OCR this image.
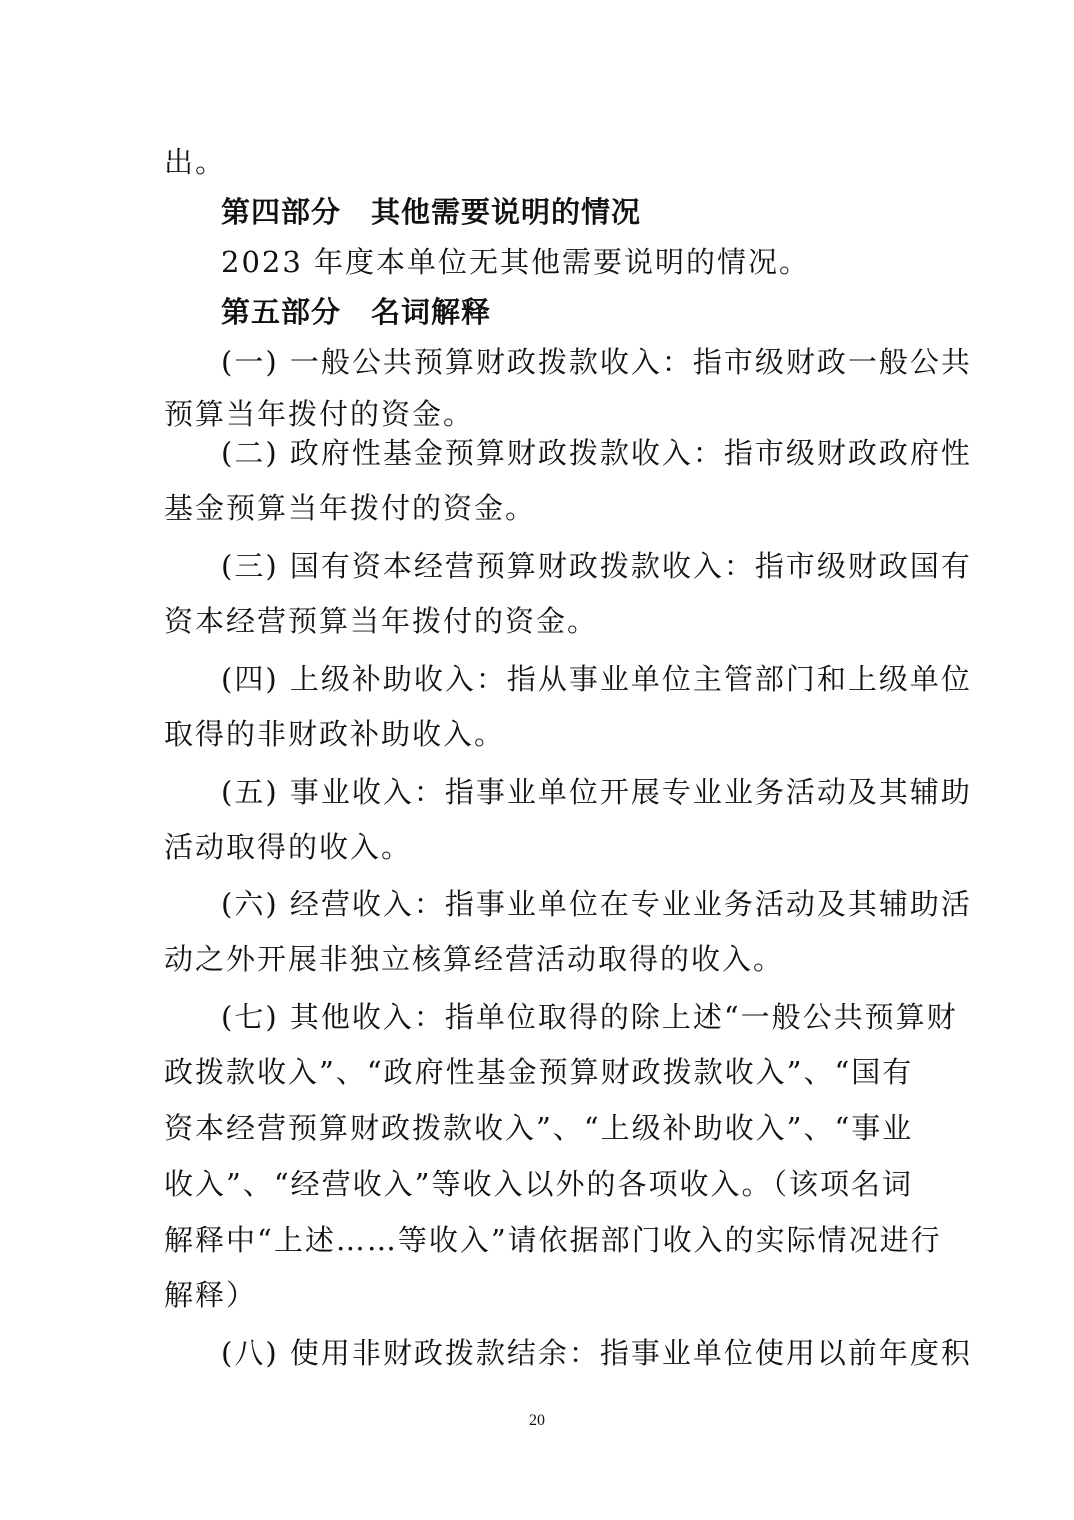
出。
第四部分　其他需要说明的情况
2023 年度本单位无其他需要说明的情况。
第五部分　名词解释
(一) 一般公共预算财政拨款收入：指市级财政一般公共
预算当年拨付的资金。
(二) 政府性基金预算财政拨款收入：指市级财政政府性
基金预算当年拨付的资金。
(三) 国有资本经营预算财政拨款收入：指市级财政国有
资本经营预算当年拨付的资金。
(四) 上级补助收入：指从事业单位主管部门和上级单位
取得的非财政补助收入。
(五) 事业收入：指事业单位开展专业业务活动及其辅助
活动取得的收入。
(六) 经营收入：指事业单位在专业业务活动及其辅助活
动之外开展非独立核算经营活动取得的收入。
(七) 其他收入：指单位取得的除上述“一般公共预算财
政拨款收入”、“政府性基金预算财政拨款收入”、“国有
资本经营预算财政拨款收入”、“上级补助收入”、“事业
收入”、“经营收入”等收入以外的各项收入。（该项名词
解释中“上述……等收入”请依据部门收入的实际情况进行
解释）
(八) 使用非财政拨款结余：指事业单位使用以前年度积
20
